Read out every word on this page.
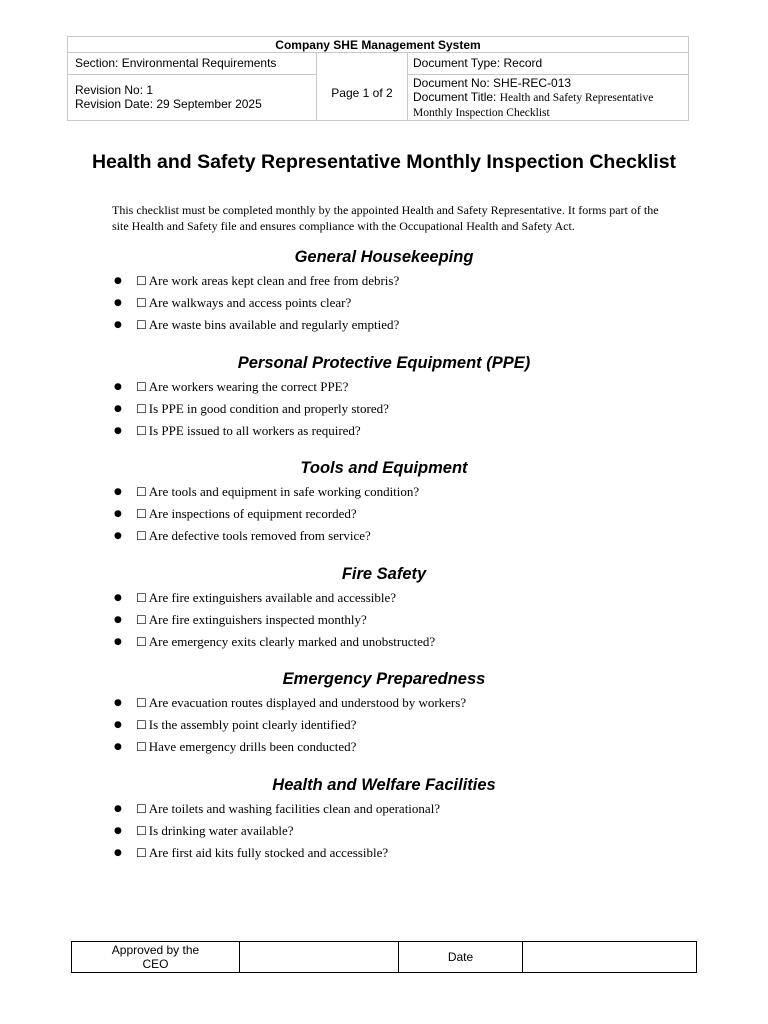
Company SHE Management System
Section: Environmental Requirements
Revision No: 1
Revision Date: 29 September 2025
Page 1 of 2
Document Type: Record
Document No: SHE-REC-013
Document Title: Health and Safety Representative Monthly Inspection Checklist
Health and Safety Representative Monthly Inspection Checklist

This checklist must be completed monthly by the appointed Health and Safety Representative. It forms part of the site Health and Safety file and ensures compliance with the Occupational Health and Safety Act.

General Housekeeping
● ☐ Are work areas kept clean and free from debris?
● ☐ Are walkways and access points clear?
● ☐ Are waste bins available and regularly emptied?
Personal Protective Equipment (PPE)
● ☐ Are workers wearing the correct PPE?
● ☐ Is PPE in good condition and properly stored?
● ☐ Is PPE issued to all workers as required?
Tools and Equipment
● ☐ Are tools and equipment in safe working condition?
● ☐ Are inspections of equipment recorded?
● ☐ Are defective tools removed from service?
Fire Safety
● ☐ Are fire extinguishers available and accessible?
● ☐ Are fire extinguishers inspected monthly?
● ☐ Are emergency exits clearly marked and unobstructed?
Emergency Preparedness
● ☐ Are evacuation routes displayed and understood by workers?
● ☐ Is the assembly point clearly identified?
● ☐ Have emergency drills been conducted?
Health and Welfare Facilities
● ☐ Are toilets and washing facilities clean and operational?
● ☐ Is drinking water available?
● ☐ Are first aid kits fully stocked and accessible?
Approved by the CEO	Date
